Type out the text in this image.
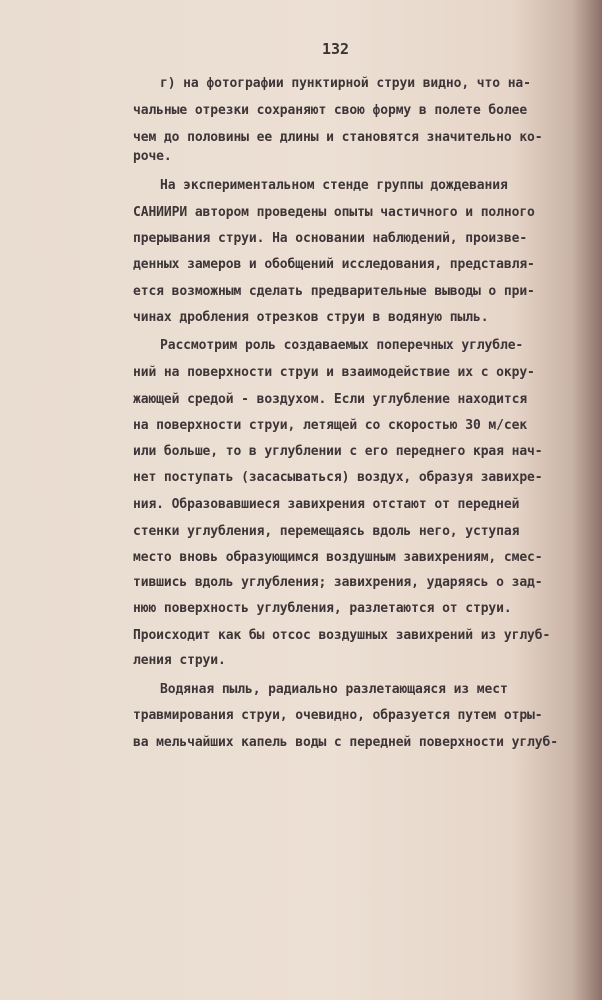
132
г) на фотографии пунктирной струи видно, что на-
чальные отрезки сохраняют свою форму в полете более
чем до половины ее длины и становятся значительно ко-
роче.
На экспериментальном стенде группы дождевания
САНИИРИ автором проведены опыты частичного и полного
прерывания струи. На основании наблюдений, произве-
денных замеров и обобщений исследования, представля-
ется возможным сделать предварительные выводы о при-
чинах дробления отрезков струи в водяную пыль.
Рассмотрим роль создаваемых поперечных углубле-
ний на поверхности струи и взаимодействие их с окру-
жающей средой - воздухом. Если углубление находится
на поверхности струи, летящей со скоростью 30 м/сек
или больше, то в углублении с его переднего края нач-
нет поступать (засасываться) воздух, образуя завихре-
ния. Образовавшиеся завихрения отстают от передней
стенки углубления, перемещаясь вдоль него, уступая
место вновь образующимся воздушным завихрениям, смес-
тившись вдоль углубления; завихрения, ударяясь о зад-
нюю поверхность углубления, разлетаются от струи.
Происходит как бы отсос воздушных завихрений из углуб-
ления струи.
Водяная пыль, радиально разлетающаяся из мест
травмирования струи, очевидно, образуется путем отры-
ва мельчайших капель воды с передней поверхности углуб-
